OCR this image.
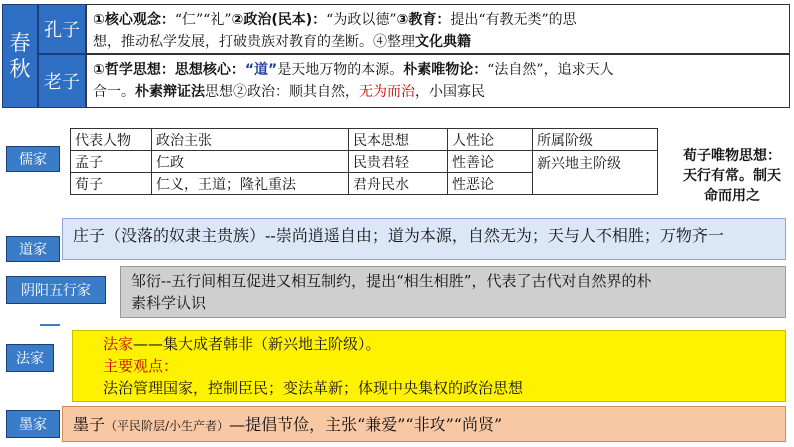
春
秋
孔子 ①核心观念：“仁”“礼”②政治(民本)：“为政以德”③教育：提出“有教无类”的思
想，推动私学发展，打破贵族对教育的垄断。④整理文化典籍
老子
①哲学思想：思想核心：“道”是天地万物的本源。朴素唯物论：“法自然”，追求天人
合一。朴素辩证法思想②政治：顺其自然，无为而治，小国寡民
儒家
代表人物	政治主张	民本思想	人性论	所属阶级
孟子	仁政	民贵君轻	性善论	新兴地主阶级
荀子	仁义，王道；隆礼重法	君舟民水	性恶论	
荀子唯物思想：
天行有常。制天
命而用之
道家
庄子（没落的奴隶主贵族）--崇尚逍遥自由；道为本源，自然无为；天与人不相胜；万物齐一
阴阳五行家
邹衍--五行间相互促进又相互制约，提出“相生相胜”，代表了古代对自然界的朴
素科学认识
法家
法家——集大成者韩非（新兴地主阶级）。
主要观点：
法治管理国家，控制臣民；变法革新；体现中央集权的政治思想
墨家	墨子（平民阶层/小生产者）—提倡节俭，主张“兼爱”“非攻”“尚贤”
